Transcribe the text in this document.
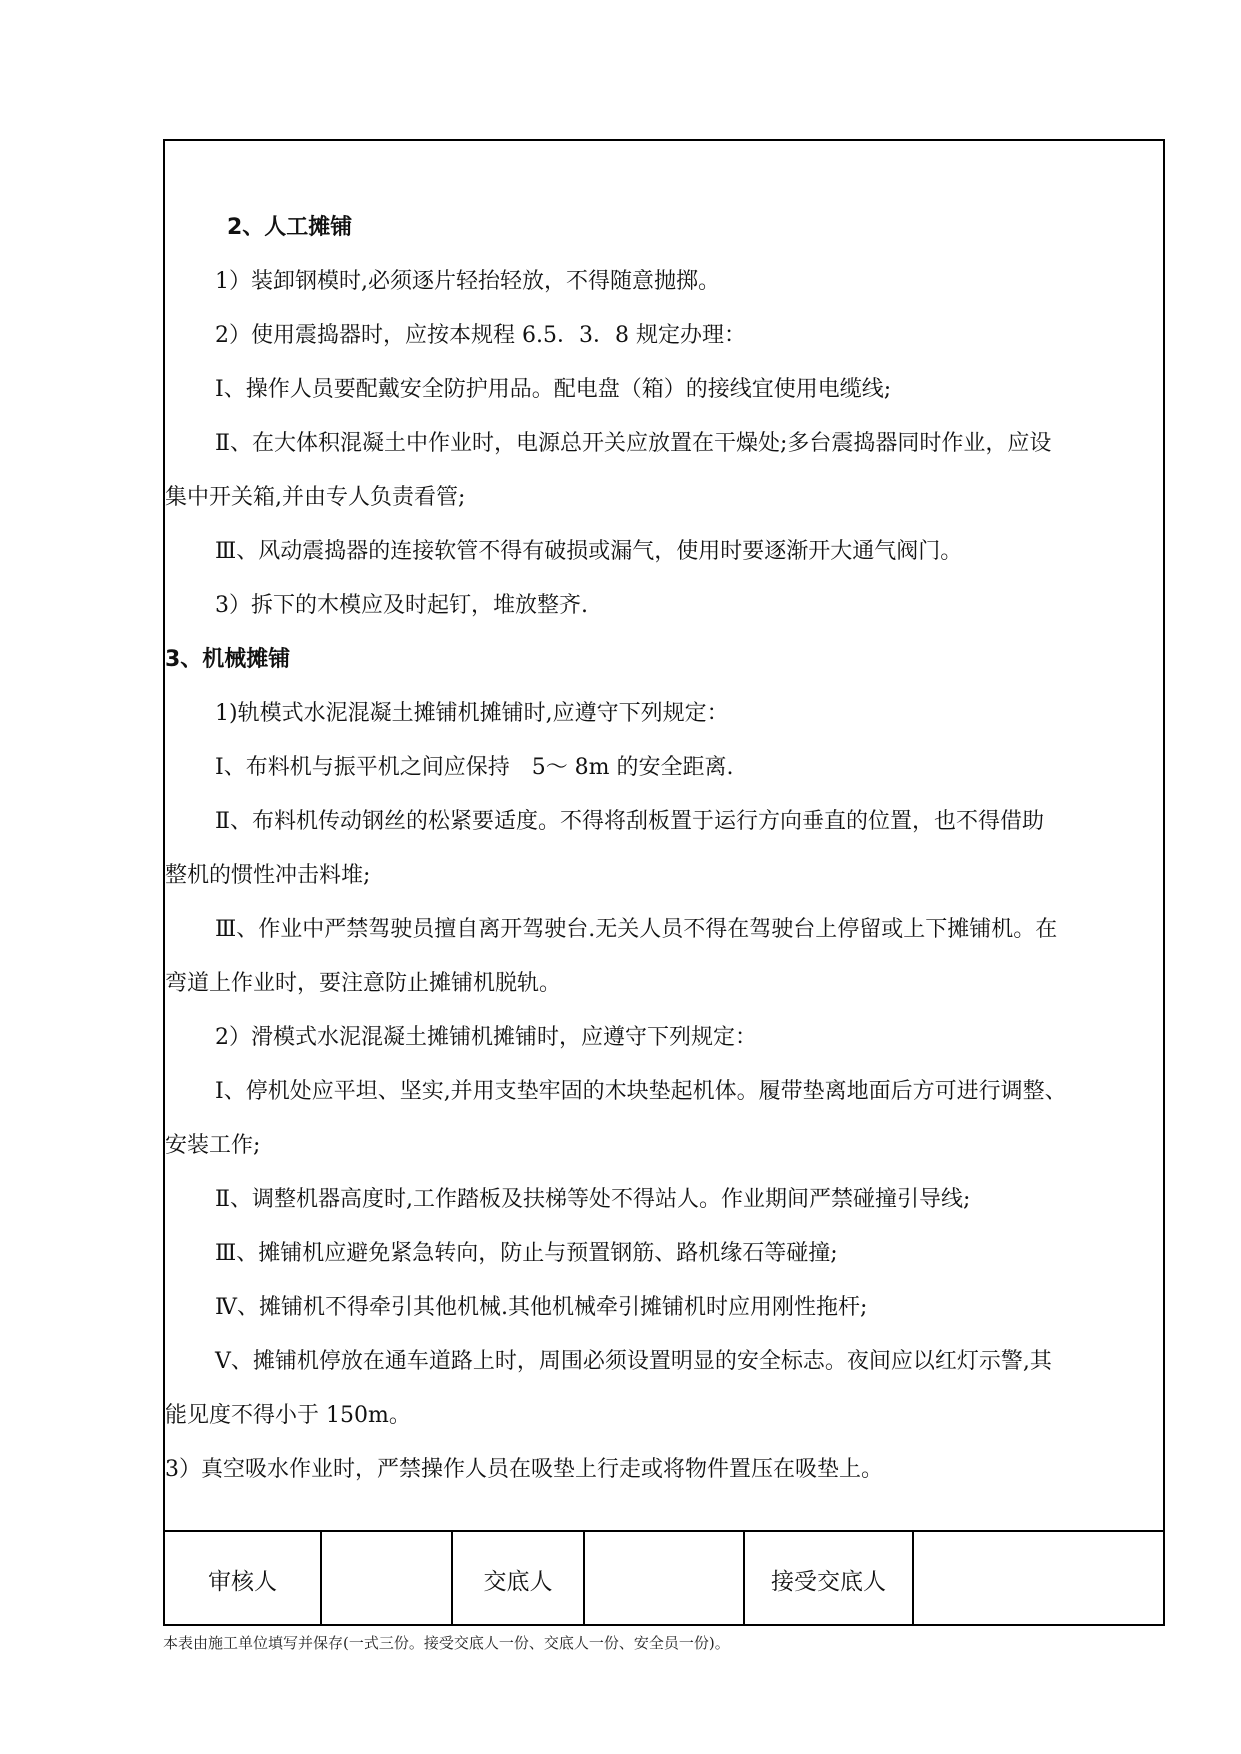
2、人工摊铺
1）装卸钢模时,必须逐片轻抬轻放，不得随意抛掷。
2）使用震捣器时，应按本规程 6.5．3．8 规定办理：
Ⅰ、操作人员要配戴安全防护用品。配电盘（箱）的接线宜使用电缆线;
Ⅱ、在大体积混凝土中作业时，电源总开关应放置在干燥处;多台震捣器同时作业，应设
集中开关箱,并由专人负责看管;
Ⅲ、风动震捣器的连接软管不得有破损或漏气，使用时要逐渐开大通气阀门。
3）拆下的木模应及时起钉，堆放整齐.
3、机械摊铺
1)轨模式水泥混凝土摊铺机摊铺时,应遵守下列规定：
Ⅰ、布料机与振平机之间应保持　5～ 8m 的安全距离.
Ⅱ、布料机传动钢丝的松紧要适度。不得将刮板置于运行方向垂直的位置，也不得借助
整机的惯性冲击料堆;
Ⅲ、作业中严禁驾驶员擅自离开驾驶台.无关人员不得在驾驶台上停留或上下摊铺机。在
弯道上作业时，要注意防止摊铺机脱轨。
2）滑模式水泥混凝土摊铺机摊铺时，应遵守下列规定：
Ⅰ、停机处应平坦、坚实,并用支垫牢固的木块垫起机体。履带垫离地面后方可进行调整、
安装工作;
Ⅱ、调整机器高度时,工作踏板及扶梯等处不得站人。作业期间严禁碰撞引导线;
Ⅲ、摊铺机应避免紧急转向，防止与预置钢筋、路机缘石等碰撞;
Ⅳ、摊铺机不得牵引其他机械.其他机械牵引摊铺机时应用刚性拖杆;
Ⅴ、摊铺机停放在通车道路上时，周围必须设置明显的安全标志。夜间应以红灯示警,其
能见度不得小于 150m。
3）真空吸水作业时，严禁操作人员在吸垫上行走或将物件置压在吸垫上。
审核人	交底人	接受交底人
本表由施工单位填写并保存(一式三份。接受交底人一份、交底人一份、安全员一份)。
